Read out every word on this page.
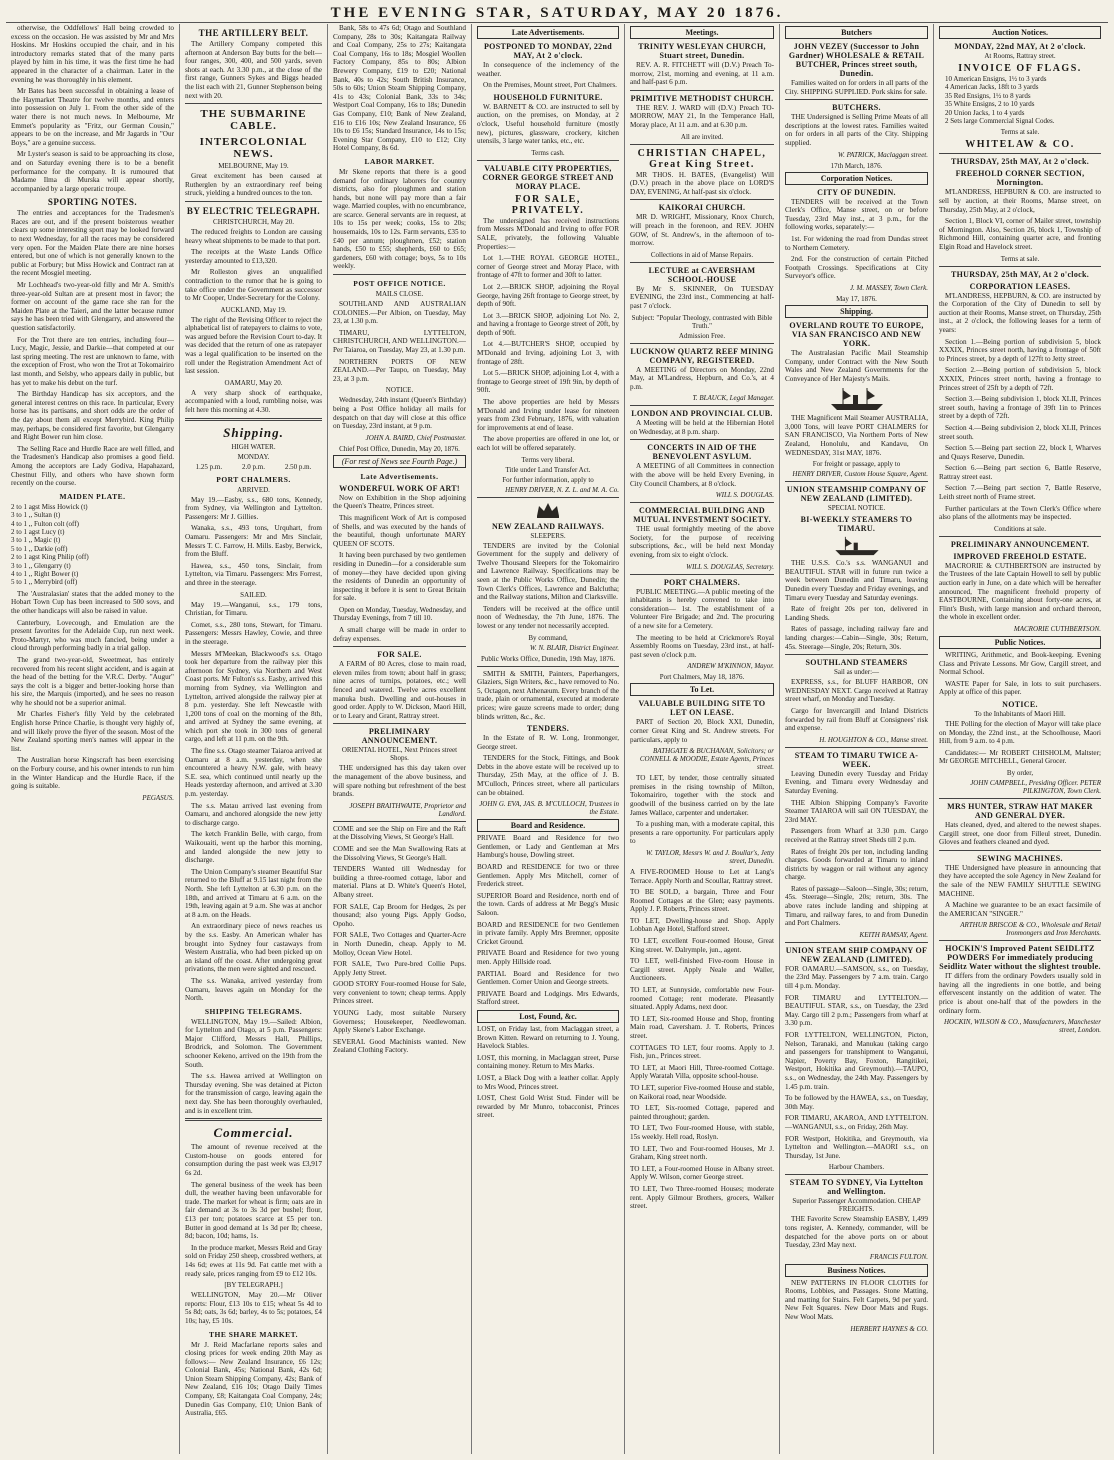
THE EVENING STAR, SATURDAY, MAY 20 1876.

otherwise, the Oddfellows' Hall being crowded to excess on the occasion. He was assisted by Mr and Mrs Hoskins. Mr Hoskins occupied the chair, and in his introductory remarks stated that of the many parts played by him in his time, it was the first time he had appeared in the character of a chairman. Later in the evening he was thoroughly in his element.

Mr Bates has been successful in obtaining a lease of the Haymarket Theatre for twelve months, and enters into possession on July 1. From the other side of the water there is not much news. In Melbourne, Mr Emmet's popularity as "Fritz, our German Cousin," appears to be on the increase, and Mr Jagards in "Our Boys," are a genuine success.

Mr Lyster's season is said to be approaching its close, and on Saturday evening there is to be a benefit performance for the company. It is rumoured that Madame Ilma di Murska will appear shortly, accompanied by a large operatic troupe.

SPORTING NOTES.

The entries and acceptances for the Tradesmen's Races are out, and if the present boisterous weather clears up some interesting sport may be looked forward to next Wednesday, for all the races may be considered very open. For the Maiden Plate there are nine horses entered, but one of which is not generally known to the public at Forbury; but Miss Howick and Contract ran at the recent Mosgiel meeting.

Mr Lochhead's two-year-old filly and Mr A. Smith's three-year-old Sultan are at present most in favor; the former on account of the game race she ran for the Maiden Plate at the Taieri, and the latter because rumor says he has been tried with Glengarry, and answered the question satisfactorily.

For the Trot there are ten entries, including four—Lucy, Magic, Jessie, and Darkie—that competed at our last spring meeting. The rest are unknown to fame, with the exception of Frost, who won the Trot at Tokomairiro last month, and Selsby, who appears daily in public, but has yet to make his debut on the turf.

The Birthday Handicap has six acceptors, and the general interest centres on this race. In particular, Every horse has its partisans, and short odds are the order of the day about them all except Merrybird. King Philip may, perhaps, be considered first favorite, but Glengarry and Right Bower run him close.

The Selling Race and Hurdle Race are well filled, and the Tradesmen's Handicap also promises a good field. Among the acceptors are Lady Godiva, Hapahazard, Chestnut Filly, and others who have shown form recently on the course.

MAIDEN PLATE.
2 to 1 agst Miss Howick (t)
3 to 1 ,, Sultan (t)
4 to 1 ,, Fulton colt (off)
2 to 1 agst Lucy (t)
3 to 1 ,, Magic (t)
5 to 1 ,, Darkie (off)
2 to 1 agst King Philip (off)
3 to 1 ,, Glengarry (t)
4 to 1 ,, Right Bower (t)
5 to 1 ,, Merrybird (off)

The 'Australasian' states that the added money to the Hobart Town Cup has been increased to 500 sovs, and the other handicaps will also be raised in value.

Canterbury, Lovecough, and Emulation are the present favorites for the Adelaide Cup, run next week. Proto-Martyr, who was much fancied, being under a cloud through performing badly in a trial gallop.

The grand two-year-old, Sweetmeat, has entirely recovered from his recent slight accident, and is again at the head of the betting for the V.R.C. Derby. "Augur" says the colt is a bigger and better-looking horse than his sire, the Marquis (imported), and he sees no reason why he should not be a superior animal.

Mr Charles Fisher's filly Yeld by the celebrated English horse Prince Charlie, is thought very highly of, and will likely prove the flyer of the season. Most of the New Zealand sporting men's names will appear in the list.

The Australian horse Kingscraft has been exercising on the Forbury course, and his owner intends to run him in the Winter Handicap and the Hurdle Race, if the going is suitable.

PEGASUS.
THE ARTILLERY BELT.

The Artillery Company competed this afternoon at Anderson Bay butts for the belt—four ranges, 300, 400, and 500 yards, seven shots at each. At 3.30 p.m., at the close of the first range, Gunners Sykes and Biggs headed the list each with 21, Gunner Stephenson being next with 20.

THE SUBMARINE CABLE.
INTERCOLONIAL NEWS.
MELBOURNE, May 19.

Great excitement has been caused at Rutherglen by an extraordinary reef being struck, yielding a hundred ounces to the ton.

BY ELECTRIC TELEGRAPH.
CHRISTCHURCH, May 20.

The reduced freights to London are causing heavy wheat shipments to be made to that port.

The receipts at the Waste Lands Office yesterday amounted to £13,320.

Mr Rolleston gives an unqualified contradiction to the rumor that he is going to take office under the Government as successor to Mr Cooper, Under-Secretary for the Colony.

AUCKLAND, May 19.

The right of the Revising Officer to reject the alphabetical list of ratepayers to claims to vote, was argued before the Revision Court to-day. It was decided that the return of one as ratepayer was a legal qualification to be inserted on the roll under the Registration Amendment Act of last session.

OAMARU, May 20.

A very sharp shock of earthquake, accompanied with a loud, rumbling noise, was felt here this morning at 4.30.

Shipping.
HIGH WATER.
MONDAY.
1.25 p.m.	2.0 p.m.	2.50 p.m.
PORT CHALMERS.
ARRIVED.

May 19.—Easby, s.s., 680 tons, Kennedy, from Sydney, via Wellington and Lyttelton. Passengers: Mr J. Gillies.

Wanaka, s.s., 493 tons, Urquhart, from Oamaru. Passengers: Mr and Mrs Sinclair, Messrs T. C. Farrow, H. Mills. Easby, Berwick, from the Bluff.

Hawea, s.s., 450 tons, Sinclair, from Lyttelton, via Timaru. Passengers: Mrs Forrest, and three in the steerage.

SAILED.

May 19.—Wanganui, s.s., 179 tons, Christian, for Timaru.

Comet, s.s., 280 tons, Stewart, for Timaru. Passengers: Messrs Hawley, Cowie, and three in the steerage.

Messrs M'Meekan, Blackwood's s.s. Otago took her departure from the railway pier this afternoon for Sydney, via Northern and West Coast ports. Mr Fulton's s.s. Easby, arrived this morning from Sydney, via Wellington and Lyttelton, arrived alongside the railway pier at 8 p.m. yesterday. She left Newcastle with 1,200 tons of coal on the morning of the 8th, and arrived at Sydney the same evening, at which port she took in 300 tons of general cargo, and left at 11 p.m. on the 9th.

The fine s.s. Otago steamer Taiaroa arrived at Oamaru at 8 a.m. yesterday, when she encountered a heavy N.W. gale, with heavy S.E. sea, which continued until nearly up the Heads yesterday afternoon, and arrived at 3.30 p.m. yesterday.

The s.s. Matau arrived last evening from Oamaru, and anchored alongside the new jetty to discharge cargo.

The ketch Franklin Belle, with cargo, from Waikouaiti, went up the harbor this morning, and landed alongside the new jetty to discharge.

The Union Company's steamer Beautiful Star returned to the Bluff at 9.15 last night from the North. She left Lyttelton at 6.30 p.m. on the 18th, and arrived at Timaru at 6 a.m. on the 19th, leaving again at 9 a.m. She was at anchor at 8 a.m. on the Heads.

An extraordinary piece of news reaches us by the s.s. Easby. An American whaler has brought into Sydney four castaways from Western Australia, who had been picked up on an island off the coast. After undergoing great privations, the men were sighted and rescued.

The s.s. Wanaka, arrived yesterday from Oamaru, leaves again on Monday for the North.

SHIPPING TELEGRAMS.

WELLINGTON, May 19.—Sailed: Albion, for Lyttelton and Otago, at 5 p.m. Passengers: Major Clifford, Messrs Hall, Phillips, Brodrick, and Solomon. The Government schooner Kekeno, arrived on the 19th from the South.

The s.s. Hawea arrived at Wellington on Thursday evening. She was detained at Picton for the transmission of cargo, leaving again the next day. She has been thoroughly overhauled, and is in excellent trim.

Commercial.

The amount of revenue received at the Custom-house on goods entered for consumption during the past week was £3,917 6s 2d.

The general business of the week has been dull, the weather having been unfavorable for trade. The market for wheat is firm; oats are in fair demand at 3s to 3s 3d per bushel; flour, £13 per ton; potatoes scarce at £5 per ton. Butter in good demand at 1s 3d per lb; cheese, 8d; bacon, 10d; hams, 1s.

In the produce market, Messrs Reid and Gray sold on Friday 250 sheep, crossbred wethers, at 14s 6d; ewes at 11s 9d. Fat cattle met with a ready sale, prices ranging from £9 to £12 10s.

[BY TELEGRAPH.]

WELLINGTON, May 20.—Mr Oliver reports: Flour, £13 10s to £15; wheat 5s 4d to 5s 8d; oats, 3s 6d; barley, 4s to 5s; potatoes, £4 10s; hay, £5 10s.

THE SHARE MARKET.

Mr J. Reid Macfarlane reports sales and closing prices for week ending 20th May as follows:— New Zealand Insurance, £6 12s; Colonial Bank, 45s; National Bank, 42s 6d; Union Steam Shipping Company, 42s; Bank of New Zealand, £16 10s; Otago Daily Times Company, £8; Kaitangata Coal Company, 24s; Dunedin Gas Company, £10; Union Bank of Australia, £65.

Bank, 58s to 47s 6d; Otago and Southland Company, 28s to 30s; Kaitangata Railway and Coal Company, 25s to 27s; Kaitangata Coal Company, 16s to 18s; Mosgiel Woollen Factory Company, 85s to 80s; Albion Brewery Company, £19 to £20; National Bank, 40s to 42s; South British Insurance, 50s to 60s; Union Steam Shipping Company, 41s to 43s; Colonial Bank, 33s to 34s; Westport Coal Company, 16s to 18s; Dunedin Gas Company, £10; Bank of New Zealand, £16 to £16 10s; New Zealand Insurance, £6 10s to £6 15s; Standard Insurance, 14s to 15s; Evening Star Company, £10 to £12; City Hotel Company, 8s 6d.

LABOR MARKET.

Mr Skene reports that there is a good demand for ordinary laborers for country districts, also for ploughmen and station hands, but none will pay more than a fair wage. Married couples, with no encumbrance, are scarce. General servants are in request, at 10s to 15s per week; cooks, 15s to 20s; housemaids, 10s to 12s. Farm servants, £35 to £40 per annum; ploughmen, £52; station hands, £50 to £55; shepherds, £60 to £65; gardeners, £60 with cottage; boys, 5s to 10s weekly.

POST OFFICE NOTICE.
MAILS CLOSE.

SOUTHLAND AND AUSTRALIAN COLONIES.—Per Albion, on Tuesday, May 23, at 1.30 p.m.

TIMARU, LYTTELTON, CHRISTCHURCH, AND WELLINGTON.—Per Taiaroa, on Tuesday, May 23, at 1.30 p.m.

NORTHERN PORTS OF NEW ZEALAND.—Per Taupo, on Tuesday, May 23, at 3 p.m.

NOTICE.

Wednesday, 24th instant (Queen's Birthday) being a Post Office holiday all mails for despatch on that day will close at this office on Tuesday, 23rd instant, at 9 p.m.

JOHN A. BAIRD, Chief Postmaster.
Chief Post Office, Dunedin, May 20, 1876.
(For rest of News see Fourth Page.)
Late Advertisements.
WONDERFUL WORK OF ART!

Now on Exhibition in the Shop adjoining the Queen's Theatre, Princes street.

This magnificent Work of Art is composed of Shells, and was executed by the hands of the beautiful, though unfortunate MARY QUEEN OF SCOTS.

It having been purchased by two gentlemen residing in Dunedin—for a considerable sum of money—they have decided upon giving the residents of Dunedin an opportunity of inspecting it before it is sent to Great Britain for sale.

Open on Monday, Tuesday, Wednesday, and Thursday Evenings, from 7 till 10.

A small charge will be made in order to defray expenses.

FOR SALE.

A FARM of 80 Acres, close to main road, eleven miles from town; about half in grass; nine acres of turnips, potatoes, etc.; well fenced and watered. Twelve acres excellent manuka bush. Dwelling and out-houses in good order. Apply to W. Dickson, Maori Hill, or to Leary and Grant, Rattray street.

PRELIMINARY ANNOUNCEMENT.
ORIENTAL HOTEL, Next Princes street Shops.

THE undersigned has this day taken over the management of the above business, and will spare nothing but refreshment of the best brands.

JOSEPH BRAITHWAITE, Proprietor and Landlord.

COME and see the Ship on Fire and the Raft at the Dissolving Views, St George's Hall.

COME and see the Man Swallowing Rats at the Dissolving Views, St George's Hall.

TENDERS Wanted till Wednesday for building a three-roomed cottage, labor and material. Plans at D. White's Queen's Hotel, Albany street.

FOR SALE, Cap Broom for Hedges, 2s per thousand; also young Pigs. Apply Godso, Opoho.

FOR SALE, Two Cottages and Quarter-Acre in North Dunedin, cheap. Apply to M. Molloy, Ocean View Hotel.

FOR SALE, Two Pure-bred Collie Pups. Apply Jetty Street.

GOOD STORY Four-roomed House for Sale, very convenient to town; cheap terms. Apply Princes street.

YOUNG Lady, most suitable Nursery Governess; Housekeeper, Needlewoman. Apply Skene's Labor Exchange.

SEVERAL Good Machinists wanted. New Zealand Clothing Factory.

Late Advertisements.
POSTPONED TO MONDAY, 22nd MAY, At 2 o'clock.

In consequence of the inclemency of the weather.

On the Premises, Mount street, Port Chalmers.

HOUSEHOLD FURNITURE.

W. BARNETT & CO. are instructed to sell by auction, on the premises, on Monday, at 2 o'clock, Useful household furniture (mostly new), pictures, glassware, crockery, kitchen utensils, 3 large water tanks, etc., etc.

Terms cash.
VALUABLE CITY PROPERTIES, CORNER GEORGE STREET AND MORAY PLACE.
FOR SALE, PRIVATELY.

The undersigned has received instructions from Messrs M'Donald and Irving to offer FOR SALE, privately, the following Valuable Properties:—

Lot 1.—THE ROYAL GEORGE HOTEL, corner of George street and Moray Place, with frontage of 47ft to former and 30ft to latter.

Lot 2.—BRICK SHOP, adjoining the Royal George, having 26ft frontage to George street, by depth of 90ft.

Lot 3.—BRICK SHOP, adjoining Lot No. 2, and having a frontage to George street of 20ft, by depth of 90ft.

Lot 4.—BUTCHER'S SHOP, occupied by M'Donald and Irving, adjoining Lot 3, with frontage of 28ft.

Lot 5.—BRICK SHOP, adjoining Lot 4, with a frontage to George street of 19ft 9in, by depth of 90ft.

The above properties are held by Messrs M'Donald and Irving under lease for nineteen years from 23rd February, 1876, with valuation for improvements at end of lease.

The above properties are offered in one lot, or each lot will be offered separately.

Terms very liberal.
Title under Land Transfer Act.
For further information, apply to
HENRY DRIVER, N. Z. L. and M. A. Co.
NEW ZEALAND RAILWAYS.
SLEEPERS.

TENDERS are invited by the Colonial Government for the supply and delivery of Twelve Thousand Sleepers for the Tokomairiro and Lawrence Railway. Specifications may be seen at the Public Works Office, Dunedin; the Town Clerk's Offices, Lawrence and Balclutha; and the Railway stations, Milton and Clarksville.

Tenders will be received at the office until noon of Wednesday, the 7th June, 1876. The lowest or any tender not necessarily accepted.

By command,
W. N. BLAIR, District Engineer.
Public Works Office, Dunedin, 19th May, 1876.

SMITH & SMITH, Painters, Paperhangers, Glaziers, Sign Writers, &c., have removed to No. 5, Octagon, next Athenæum. Every branch of the trade, plain or ornamental, executed at moderate prices; wire gauze screens made to order; dung blinds written, &c., &c.

TENDERS.

In the Estate of R. W. Long, Ironmonger, George street.

TENDERS for the Stock, Fittings, and Book Debts in the above estate will be received up to Thursday, 25th May, at the office of J. B. M'Culloch, Princes street, where all particulars can be obtained.

JOHN G. EVA, JAS. B. M'CULLOCH, Trustees in the Estate.
Board and Residence.

PRIVATE Board and Residence for two Gentlemen, or Lady and Gentleman at Mrs Hamburg's house, Dowling street.

BOARD and RESIDENCE for two or three Gentlemen. Apply Mrs Mitchell, corner of Frederick street.

SUPERIOR Board and Residence, north end of the town. Cards of address at Mr Begg's Music Saloon.

BOARD and RESIDENCE for two Gentlemen in private family. Apply Mrs Bremner, opposite Cricket Ground.

PRIVATE Board and Residence for two young men. Apply Hillside road.

PARTIAL Board and Residence for two Gentlemen. Corner Union and George streets.

PRIVATE Board and Lodgings. Mrs Edwards, Stafford street.

Lost, Found, &c.

LOST, on Friday last, from Maclaggan street, a Brown Kitten. Reward on returning to J. Young, Havelock Stables.

LOST, this morning, in Maclaggan street, Purse containing money. Return to Mrs Marks.

LOST, a Black Dog with a leather collar. Apply to Mrs Wood, Princes street.

LOST, Chest Gold Wrist Stud. Finder will be rewarded by Mr Munro, tobacconist, Princes street.

Meetings.
TRINITY WESLEYAN CHURCH, Stuart street, Dunedin.

REV. A. R. FITCHETT will (D.V.) Preach To-morrow, 21st, morning and evening, at 11 a.m. and half-past 6 p.m.

PRIMITIVE METHODIST CHURCH.

THE REV. J. WARD will (D.V.) Preach TO-MORROW, MAY 21, In the Temperance Hall, Moray place, At 11 a.m. and at 6.30 p.m.

All are invited.
CHRISTIAN CHAPEL, Great King Street.

MR THOS. H. BATES, (Evangelist) Will (D.V.) preach in the above place on LORD'S DAY, EVENING, At half-past six o'clock.

KAIKORAI CHURCH.

MR D. WRIGHT, Missionary, Knox Church, will preach in the forenoon, and REV. JOHN GOW, of St. Andrew's, in the afternoon of to-morrow.

Collections in aid of Manse Repairs.
LECTURE at CAVERSHAM SCHOOL-HOUSE

By Mr S. SKINNER, On TUESDAY EVENING, the 23rd inst., Commencing at half-past 7 o'clock.

Subject: "Popular Theology, contrasted with Bible Truth."
Admission Free.
LUCKNOW QUARTZ REEF MINING COMPANY, REGISTERED.

A MEETING of Directors on Monday, 22nd May, at M'Landress, Hepburn, and Co.'s, at 4 p.m.

T. BLAUCK, Legal Manager.
LONDON AND PROVINCIAL CLUB.

A Meeting will be held at the Hibernian Hotel on Wednesday, at 8 p.m. sharp.

CONCERTS IN AID OF THE BENEVOLENT ASYLUM.

A MEETING of all Committees in connection with the above will be held Every Evening, in City Council Chambers, at 8 o'clock.

WILL S. DOUGLAS.
COMMERCIAL BUILDING AND MUTUAL INVESTMENT SOCIETY.

THE usual fortnightly meeting of the above Society, for the purpose of receiving subscriptions, &c., will be held next Monday evening, from six to eight o'clock.

WILL S. DOUGLAS, Secretary.
PORT CHALMERS.

PUBLIC MEETING.—A public meeting of the inhabitants is hereby convened to take into consideration— 1st. The establishment of a Volunteer Fire Brigade; and 2nd. The procuring of a new site for a Cemetery.

The meeting to be held at Crickmore's Royal Assembly Rooms on Tuesday, 23rd inst., at half-past seven o'clock p.m.

ANDREW M'KINNON, Mayor.
Port Chalmers, May 18, 1876.
To Let.
VALUABLE BUILDING SITE TO LET ON LEASE.

PART of Section 20, Block XXI, Dunedin, corner Great King and St. Andrew streets. For particulars, apply to

BATHGATE & BUCHANAN, Solicitors; or CONNELL & MOODIE, Estate Agents, Princes street.

TO LET, by tender, those centrally situated premises in the rising township of Milton, Tokomairiro, together with the stock and goodwill of the business carried on by the late James Wallace, carpenter and undertaker.

To a pushing man, with a moderate capital, this presents a rare opportunity. For particulars apply to

W. TAYLOR, Messrs W. and J. Boullar's, Jetty street, Dunedin.

A FIVE-ROOMED House to Let at Lang's Terrace. Apply North and Scoullar, Rattray street.

TO BE SOLD, a bargain, Three and Four Roomed Cottages at the Glen; easy payments. Apply J. P. Roberts, Princes street.

TO LET, Dwelling-house and Shop. Apply Lobban Age Hotel, Stafford street.

TO LET, excellent Four-roomed House, Great King street. W. Dalrymple, jun., agent.

TO LET, well-finished Five-room House in Cargill street. Apply Neale and Waller, Auctioneers.

TO LET, at Sunnyside, comfortable new Four-roomed Cottage; rent moderate. Pleasantly situated. Apply Adams, next door.

TO LET, Six-roomed House and Shop, fronting Main road, Caversham. J. T. Roberts, Princes street.

COTTAGES TO LET, four rooms. Apply to J. Fish, jun., Princes street.

TO LET, at Maori Hill, Three-roomed Cottage. Apply Waratah Villa, opposite school-house.

TO LET, superior Five-roomed House and stable, on Kaikorai road, near Woodside.

TO LET, Six-roomed Cottage, papered and painted throughout; garden.

TO LET, Two Four-roomed House, with stable, 15s weekly. Hell road, Roslyn.

TO LET, Two and Four-roomed Houses, Mr J. Graham, King street north.

TO LET, a Four-roomed House in Albany street. Apply W. Wilson, corner George street.

TO LET, Two Three-roomed Houses; moderate rent. Apply Gilmour Brothers, grocers, Walker street.

Butchers
JOHN VEZEY (Successor to John Gardner) WHOLESALE & RETAIL BUTCHER, Princes street south, Dunedin.

Families waited on for orders in all parts of the City. SHIPPING SUPPLIED. Pork skins for sale.

BUTCHERS.

THE Undersigned is Selling Prime Meats of all descriptions at the lowest rates. Families waited on for orders in all parts of the City. Shipping supplied.

W. PATRICK, Maclaggan street.
17th March, 1876.
Corporation Notices.
CITY OF DUNEDIN.

TENDERS will be received at the Town Clerk's Office, Manse street, on or before Tuesday, 23rd May inst., at 3 p.m., for the following works, separately:—

1st. For widening the road from Dundas street to Northern Cemetery.

2nd. For the construction of certain Pitched Footpath Crossings. Specifications at City Surveyor's office.

J. M. MASSEY, Town Clerk.
May 17, 1876.
Shipping.
OVERLAND ROUTE TO EUROPE, VIA SAN FRANCISCO AND NEW YORK.

The Australasian Pacific Mail Steamship Company, under Contract with the New South Wales and New Zealand Governments for the Conveyance of Her Majesty's Mails.

THE Magnificent Mail Steamer AUSTRALIA, 3,000 Tons, will leave PORT CHALMERS for SAN FRANCISCO, Via Northern Ports of New Zealand, Honolulu, and Kandavu, On WEDNESDAY, 31st MAY, 1876.

For freight or passage, apply to
HENRY DRIVER, Custom House Square, Agent.
UNION STEAMSHIP COMPANY OF NEW ZEALAND (LIMITED).
SPECIAL NOTICE.
BI-WEEKLY STEAMERS TO TIMARU.

THE U.S.S. Co.'s s.s. WANGANUI and BEAUTIFUL STAR will in future run twice a week between Dunedin and Timaru, leaving Dunedin every Tuesday and Friday evenings, and Timaru every Tuesday and Saturday evenings.

Rate of freight 20s per ton, delivered in Landing Sheds.

Rates of passage, including railway fare and landing charges:—Cabin—Single, 30s; Return, 45s. Steerage—Single, 20s; Return, 30s.

SOUTHLAND STEAMERS
Sail as under:—

EXPRESS, s.s., for BLUFF HARBOR, ON WEDNESDAY NEXT. Cargo received at Rattray street wharf, on Monday and Tuesday.

Cargo for Invercargill and Inland Districts forwarded by rail from Bluff at Consignees' risk and expense.

H. HOUGHTON & CO., Manse street.
STEAM TO TIMARU TWICE A-WEEK.

Leaving Dunedin every Tuesday and Friday Evening, and Timaru every Wednesday and Saturday Evening.

THE Albion Shipping Company's Favorite Steamer TAIAROA will sail ON TUESDAY, the 23rd MAY.

Passengers from Wharf at 3.30 p.m. Cargo received at the Rattray street Sheds till 2 p.m.

Rates of freight 20s per ton, including landing charges. Goods forwarded at Timaru to inland districts by waggon or rail without any agency charge.

Rates of passage—Saloon—Single, 30s; return, 45s. Steerage—Single, 20s; return, 30s. The above rates include landing and shipping at Timaru, and railway fares, to and from Dunedin and Port Chalmers.

KEITH RAMSAY, Agent.
UNION STEAM SHIP COMPANY OF NEW ZEALAND (LIMITED).

FOR OAMARU.—SAMSON, s.s., on Tuesday, the 23rd May. Passengers by 7 a.m. train. Cargo till 4 p.m. Monday.

FOR TIMARU and LYTTELTON.—BEAUTIFUL STAR, s.s., on Tuesday, the 23rd May. Cargo till 2 p.m.; Passengers from wharf at 3.30 p.m.

FOR LYTTELTON, WELLINGTON, Picton, Nelson, Taranaki, and Manukau (taking cargo and passengers for transhipment to Wanganui, Napier, Poverty Bay, Foxton, Rangitikei, Westport, Hokitika and Greymouth).—TAUPO, s.s., on Wednesday, the 24th May. Passengers by 1.45 p.m. train.

To be followed by the HAWEA, s.s., on Tuesday, 30th May.

FOR TIMARU, AKAROA, AND LYTTELTON.—WANGANUI, s.s., on Friday, 26th May.

FOR Westport, Hokitika, and Greymouth, via Lyttelton and Wellington.—MAORI s.s., on Thursday, 1st June.

Harbour Chambers.
STEAM TO SYDNEY, Via Lyttelton and Wellington.
Superior Passenger Accommodation. CHEAP FREIGHTS.

THE Favorite Screw Steamship EASBY, 1,499 tons register, A. Kennedy, commander, will be despatched for the above ports on or about Tuesday, 23rd May next.

FRANCIS FULTON.
Business Notices.

NEW PATTERNS IN FLOOR CLOTHS for Rooms, Lobbies, and Passages. Stone Matting, and matting for Stairs. Felt Carpets, 9d per yard. New Felt Squares. New Door Mats and Rugs. New Wool Mats.

HERBERT HAYNES & CO.
Auction Notices.
MONDAY, 22nd MAY, At 2 o'clock.
At Rooms, Rattray street.
INVOICE OF FLAGS.
10 American Ensigns, 1½ to 3 yards
4 American Jacks, 18ft to 3 yards
35 Red Ensigns, 1½ to 8 yards
35 White Ensigns, 2 to 10 yards
20 Union Jacks, 1 to 4 yards
2 Sets large Commercial Signal Codes.
Terms at sale.
WHITELAW & CO.
THURSDAY, 25th MAY, At 2 o'clock.
FREEHOLD CORNER SECTION, Mornington.

M'LANDRESS, HEPBURN & CO. are instructed to sell by auction, at their Rooms, Manse street, on Thursday, 25th May, at 2 o'clock,

Section 1, Block VI, corner of Mailer street, township of Mornington. Also, Section 26, block 1, Township of Richmond Hill, containing quarter acre, and fronting Elgin Road and Havelock street.

Terms at sale.
THURSDAY, 25th MAY, At 2 o'clock.
CORPORATION LEASES.

M'LANDRESS, HEPBURN, & CO. are instructed by the Corporation of the City of Dunedin to sell by auction at their Rooms, Manse street, on Thursday, 25th inst., at 2 o'clock, the following leases for a term of years:

Section 1.—Being portion of subdivision 5, block XXXIX, Princes street north, having a frontage of 50ft to Princes street, by a depth of 127ft to Jetty street.

Section 2.—Being portion of subdivision 5, block XXXIX, Princes street north, having a frontage to Princes street of 25ft by a depth of 72ft.

Section 3.—Being subdivision 1, block XLII, Princes street south, having a frontage of 39ft 1in to Princes street by a depth of 72ft.

Section 4.—Being subdivision 2, block XLII, Princes street south.

Section 5.—Being part section 22, block I, Wharves and Quays Reserve, Dunedin.

Section 6.—Being part section 6, Battle Reserve, Rattray street east.

Section 7.—Being part section 7, Battle Reserve, Leith street north of Frame street.

Further particulars at the Town Clerk's Office where also plans of the allotments may be inspected.

Conditions at sale.
PRELIMINARY ANNOUNCEMENT.
IMPROVED FREEHOLD ESTATE.

MACRORIE & CUTHBERTSON are instructed by the Trustees of the late Captain Howell to sell by public auction early in June, on a date which will be hereafter announced, The magnificent freehold property of EASTBOURNE, Containing about forty-one acres, at Flint's Bush, with large mansion and orchard thereon, the whole in excellent order.

MACRORIE CUTHBERTSON.
Public Notices.

WRITING, Arithmetic, and Book-keeping. Evening Class and Private Lessons. Mr Gow, Cargill street, and Normal School.

WASTE Paper for Sale, in lots to suit purchasers. Apply at office of this paper.

NOTICE.
To the Inhabitants of Maori Hill.

THE Polling for the election of Mayor will take place on Monday, the 22nd inst., at the Schoolhouse, Maori Hill, from 9 a.m. to 4 p.m.

Candidates:— Mr ROBERT CHISHOLM, Maltster; Mr GEORGE MITCHELL, General Grocer.

By order,
JOHN CAMPBELL, Presiding Officer. PETER PILKINGTON, Town Clerk.
MRS HUNTER, STRAW HAT MAKER AND GENERAL DYER.

Hats cleaned, dyed, and altered to the newest shapes. Cargill street, one door from Filleul street, Dunedin. Gloves and feathers cleaned and dyed.

SEWING MACHINES.

THE Undersigned have pleasure in announcing that they have accepted the sole Agency in New Zealand for the sale of the NEW FAMILY SHUTTLE SEWING MACHINE.

A Machine we guarantee to be an exact facsimile of the AMERICAN "SINGER."

ARTHUR BRISCOE & CO., Wholesale and Retail Ironmongers and Iron Merchants.
HOCKIN'S Improved Patent SEIDLITZ POWDERS For immediately producing Seidlitz Water without the slightest trouble.

IT differs from the ordinary Powders usually sold in having all the ingredients in one bottle, and being effervescent instantly on the addition of water. The price is about one-half that of the powders in the ordinary form.

HOCKIN, WILSON & CO., Manufacturers, Manchester street, London.
